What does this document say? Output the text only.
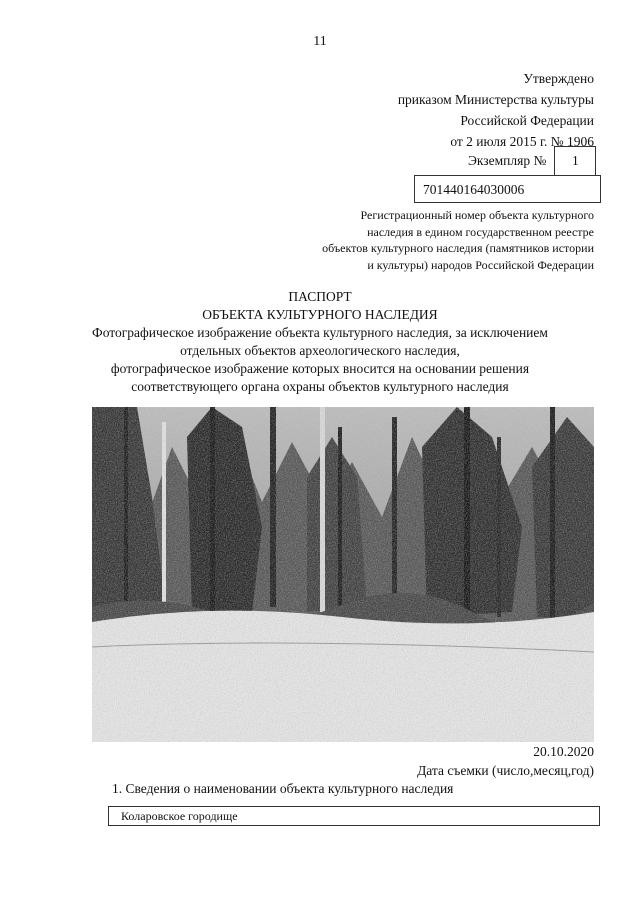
11
Утверждено
приказом Министерства культуры
Российской Федерации
от 2 июля 2015 г. № 1906
Экземпляр №	1
701440164030006
Регистрационный номер объекта культурного
наследия в едином государственном реестре
объектов культурного наследия (памятников истории
и культуры) народов Российской Федерации
ПАСПОРТ
ОБЪЕКТА КУЛЬТУРНОГО НАСЛЕДИЯ
Фотографическое изображение объекта культурного наследия, за исключением
отдельных объектов археологического наследия,
фотографическое изображение которых вносится на основании решения
соответствующего органа охраны объектов культурного наследия
20.10.2020
Дата съемки (число,месяц,год)
1. Сведения о наименовании объекта культурного наследия
Коларовское городище
